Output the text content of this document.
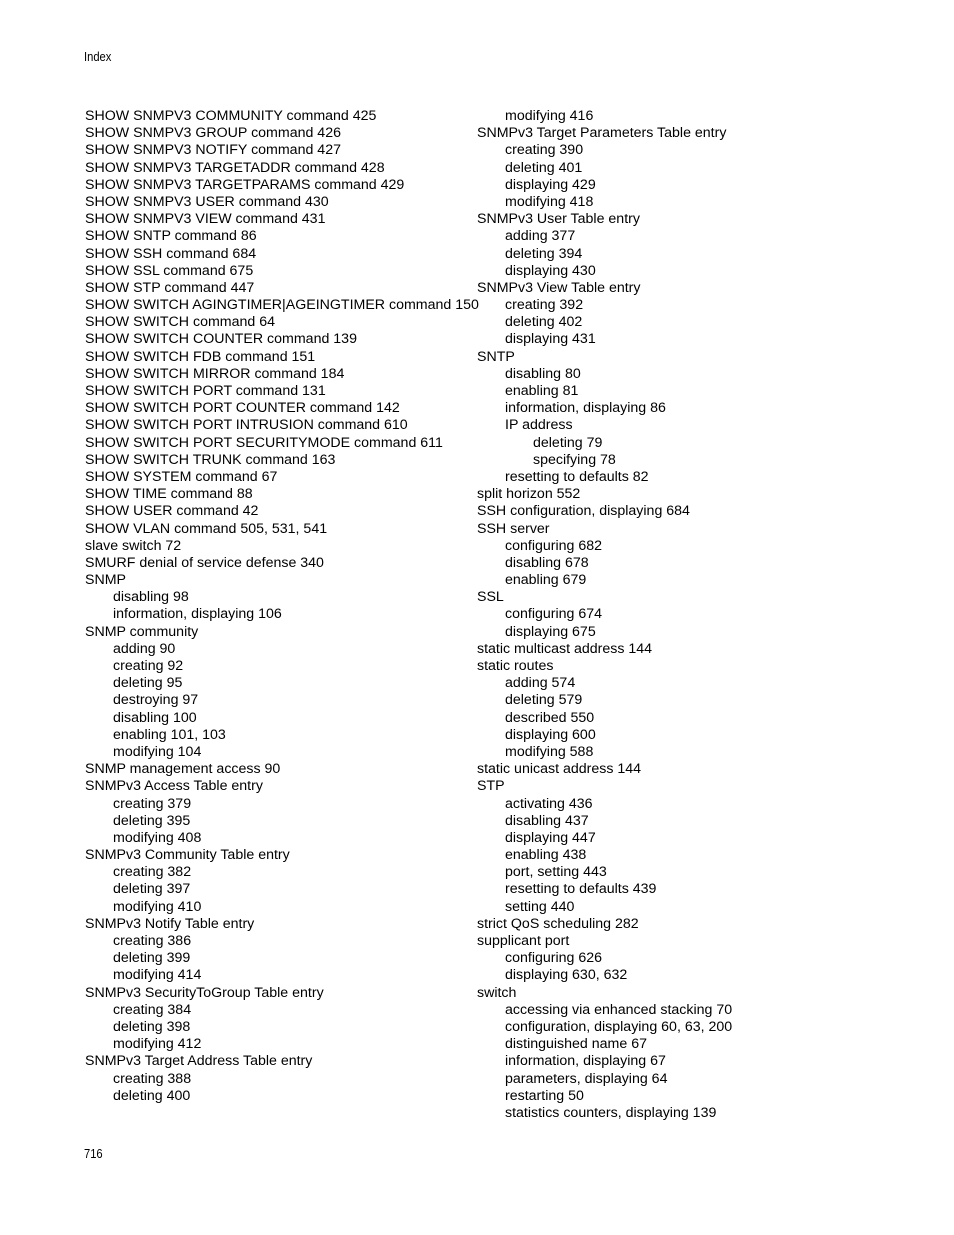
Index
SHOW SNMPV3 COMMUNITY command 425
SHOW SNMPV3 GROUP command 426
SHOW SNMPV3 NOTIFY command 427
SHOW SNMPV3 TARGETADDR command 428
SHOW SNMPV3 TARGETPARAMS command 429
SHOW SNMPV3 USER command 430
SHOW SNMPV3 VIEW command 431
SHOW SNTP command 86
SHOW SSH command 684
SHOW SSL command 675
SHOW STP command 447
SHOW SWITCH AGINGTIMER|AGEINGTIMER command 150
SHOW SWITCH command 64
SHOW SWITCH COUNTER command 139
SHOW SWITCH FDB command 151
SHOW SWITCH MIRROR command 184
SHOW SWITCH PORT command 131
SHOW SWITCH PORT COUNTER command 142
SHOW SWITCH PORT INTRUSION command 610
SHOW SWITCH PORT SECURITYMODE command 611
SHOW SWITCH TRUNK command 163
SHOW SYSTEM command 67
SHOW TIME command 88
SHOW USER command 42
SHOW VLAN command 505, 531, 541
slave switch 72
SMURF denial of service defense 340
SNMP
disabling 98
information, displaying 106
SNMP community
adding 90
creating 92
deleting 95
destroying 97
disabling 100
enabling 101, 103
modifying 104
SNMP management access 90
SNMPv3 Access Table entry
creating 379
deleting 395
modifying 408
SNMPv3 Community Table entry
creating 382
deleting 397
modifying 410
SNMPv3 Notify Table entry
creating 386
deleting 399
modifying 414
SNMPv3 SecurityToGroup Table entry
creating 384
deleting 398
modifying 412
SNMPv3 Target Address Table entry
creating 388
deleting 400
modifying 416
SNMPv3 Target Parameters Table entry
creating 390
deleting 401
displaying 429
modifying 418
SNMPv3 User Table entry
adding 377
deleting 394
displaying 430
SNMPv3 View Table entry
creating 392
deleting 402
displaying 431
SNTP
disabling 80
enabling 81
information, displaying 86
IP address
deleting 79
specifying 78
resetting to defaults 82
split horizon 552
SSH configuration, displaying 684
SSH server
configuring 682
disabling 678
enabling 679
SSL
configuring 674
displaying 675
static multicast address 144
static routes
adding 574
deleting 579
described 550
displaying 600
modifying 588
static unicast address 144
STP
activating 436
disabling 437
displaying 447
enabling 438
port, setting 443
resetting to defaults 439
setting 440
strict QoS scheduling 282
supplicant port
configuring 626
displaying 630, 632
switch
accessing via enhanced stacking 70
configuration, displaying 60, 63, 200
distinguished name 67
information, displaying 67
parameters, displaying 64
restarting 50
statistics counters, displaying 139
716
